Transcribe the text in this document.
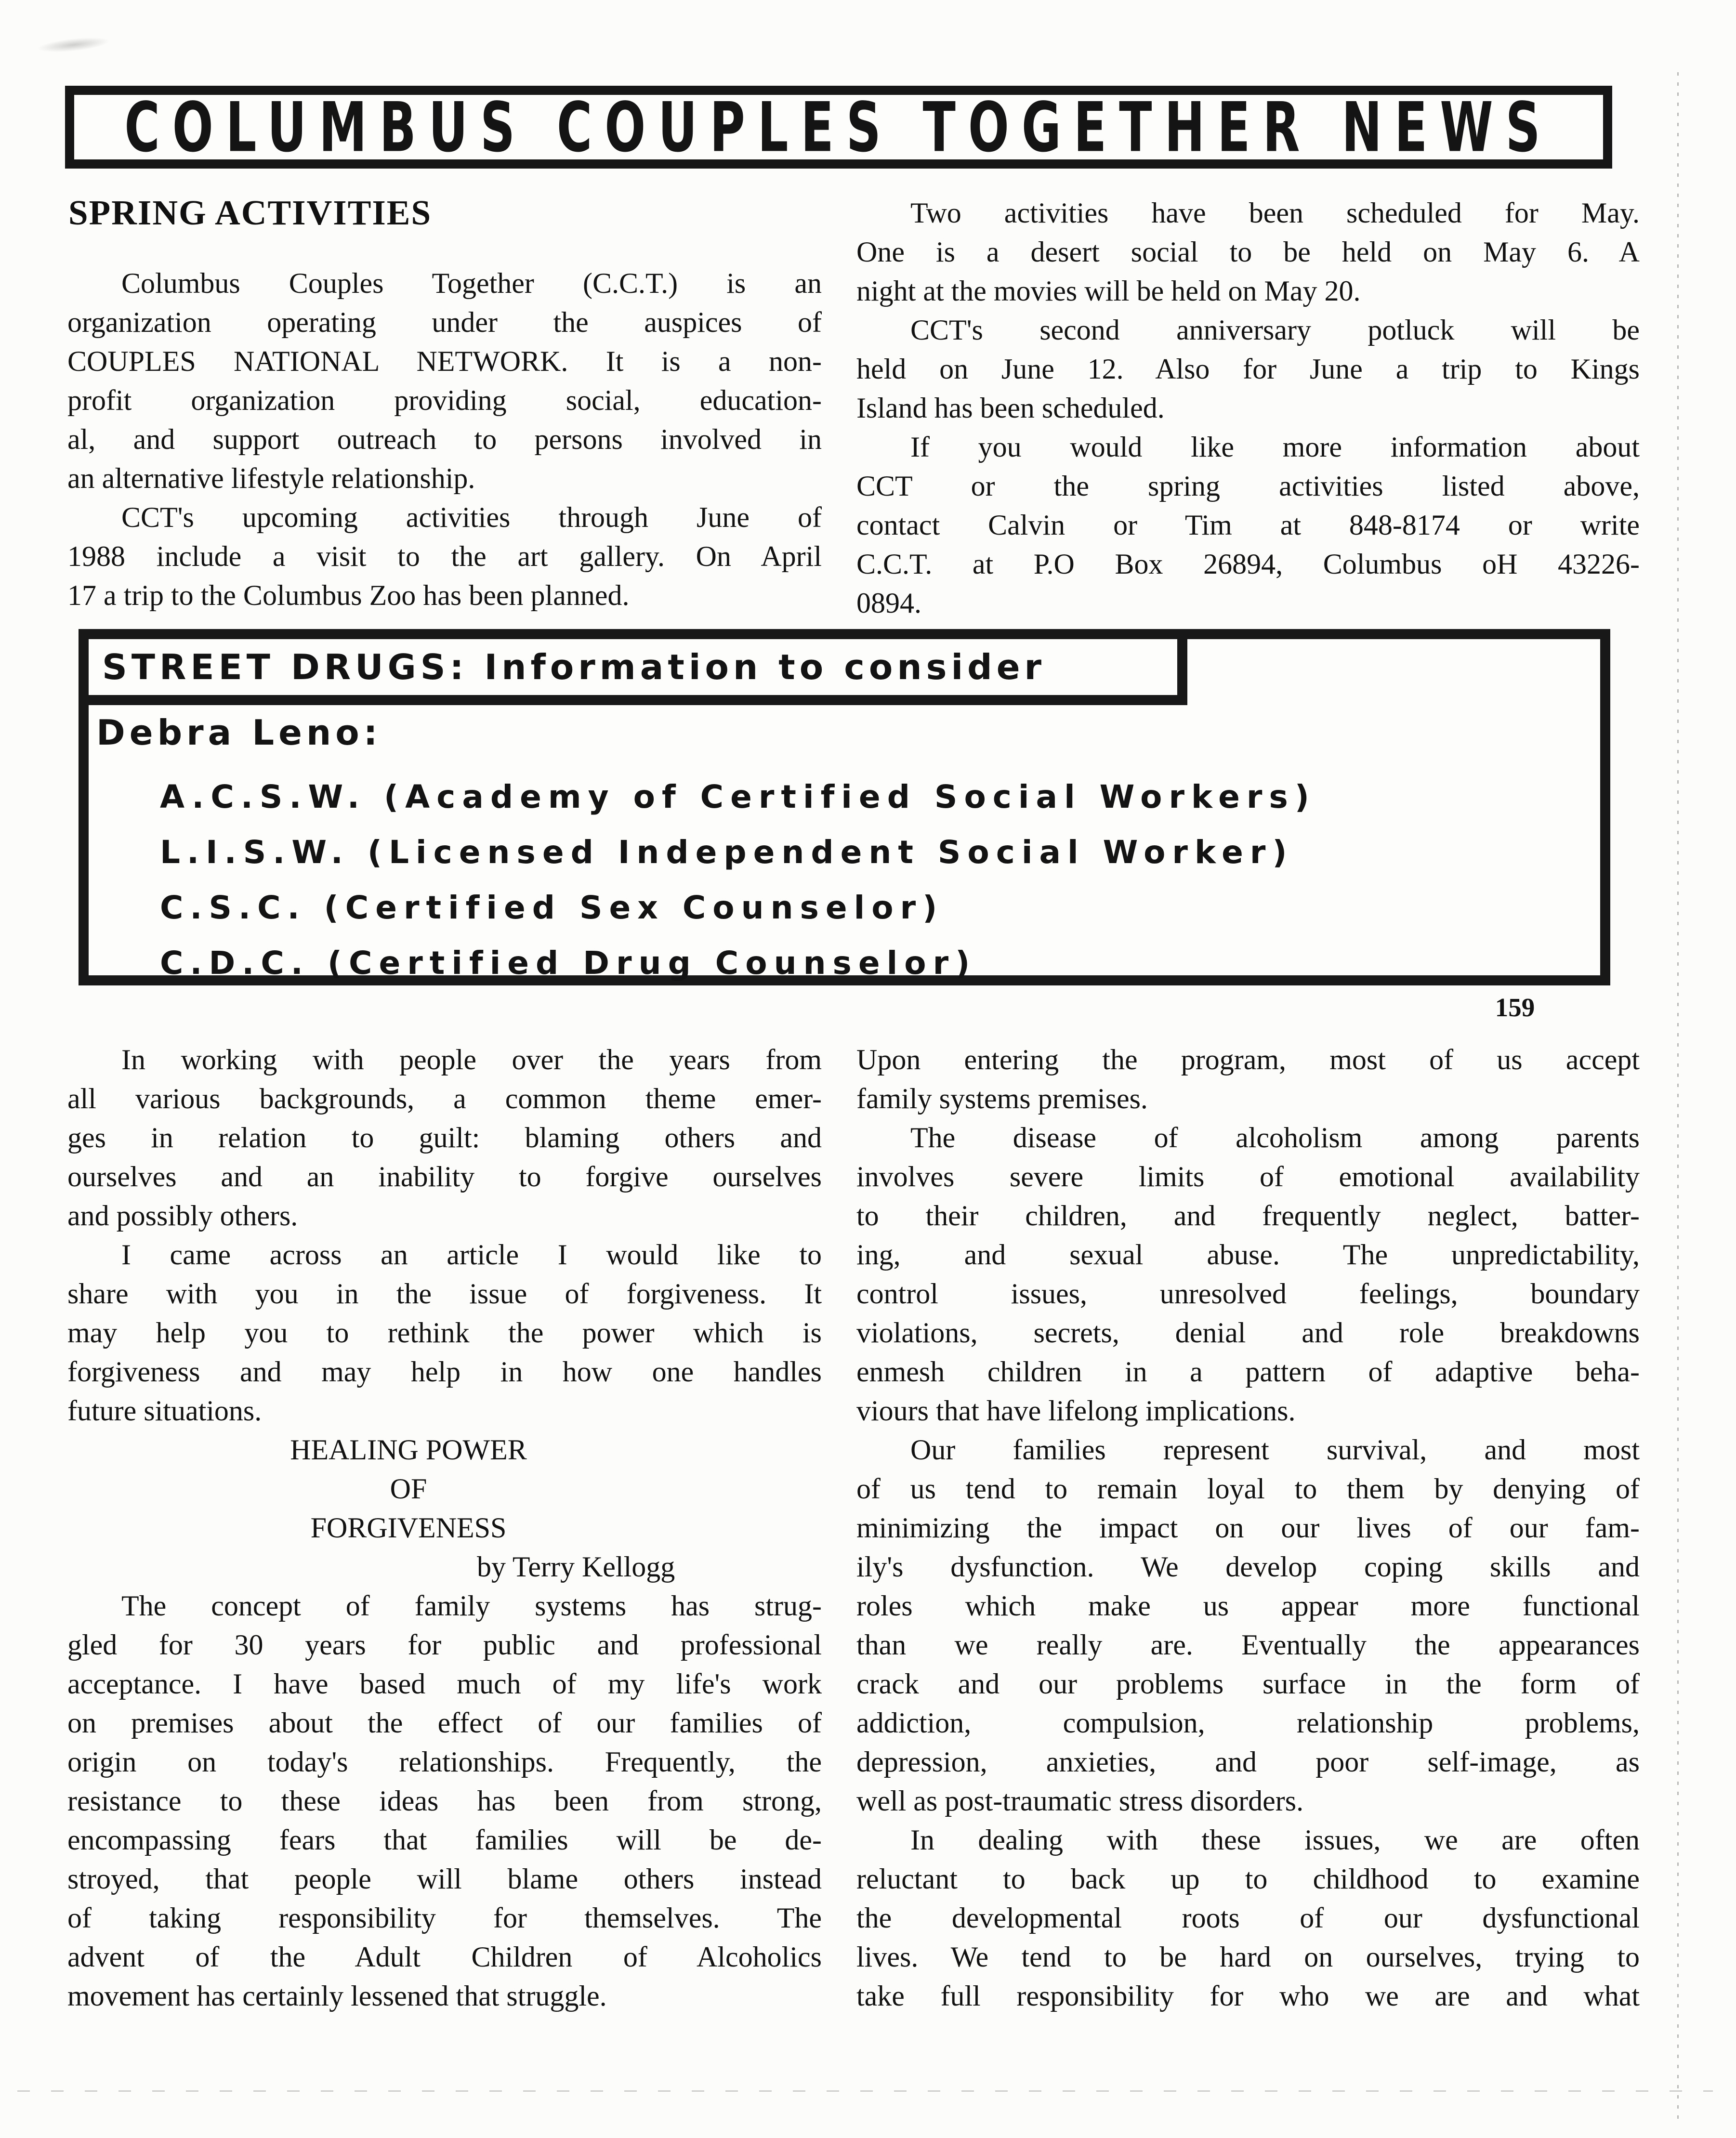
COLUMBUS COUPLES TOGETHER NEWS
SPRING ACTIVITIES
Columbus Couples Together (C.C.T.) is an
organization operating under the auspices of
COUPLES NATIONAL NETWORK. It is a non-
profit organization providing social, education-
al, and support outreach to persons involved in
an alternative lifestyle relationship.
CCT's upcoming activities through June of
1988 include a visit to the art gallery. On April
17 a trip to the Columbus Zoo has been planned.
Two activities have been scheduled for May.
One is a desert social to be held on May 6. A
night at the movies will be held on May 20.
CCT's second anniversary potluck will be
held on June 12. Also for June a trip to Kings
Island has been scheduled.
If you would like more information about
CCT or the spring activities listed above,
contact Calvin or Tim at 848-8174 or write
C.C.T. at P.O Box 26894, Columbus oH 43226-
0894.
STREET DRUGS: Information to consider
Debra Leno:
A.C.S.W. (Academy of Certified Social Workers)
L.I.S.W. (Licensed Independent Social Worker)
C.S.C. (Certified Sex Counselor)
C.D.C. (Certified Drug Counselor)
159
In working with people over the years from
all various backgrounds, a common theme emer-
ges in relation to guilt: blaming others and
ourselves and an inability to forgive ourselves
and possibly others.
I came across an article I would like to
share with you in the issue of forgiveness. It
may help you to rethink the power which is
forgiveness and may help in how one handles
future situations.
HEALING POWER
OF
FORGIVENESS
by Terry Kellogg
The concept of family systems has strug-
gled for 30 years for public and professional
acceptance. I have based much of my life's work
on premises about the effect of our families of
origin on today's relationships. Frequently, the
resistance to these ideas has been from strong,
encompassing fears that families will be de-
stroyed, that people will blame others instead
of taking responsibility for themselves. The
advent of the Adult Children of Alcoholics
movement has certainly lessened that struggle.
Upon entering the program, most of us accept
family systems premises.
The disease of alcoholism among parents
involves severe limits of emotional availability
to their children, and frequently neglect, batter-
ing, and sexual abuse. The unpredictability,
control issues, unresolved feelings, boundary
violations, secrets, denial and role breakdowns
enmesh children in a pattern of adaptive beha-
viours that have lifelong implications.
Our families represent survival, and most
of us tend to remain loyal to them by denying of
minimizing the impact on our lives of our fam-
ily's dysfunction. We develop coping skills and
roles which make us appear more functional
than we really are. Eventually the appearances
crack and our problems surface in the form of
addiction, compulsion, relationship problems,
depression, anxieties, and poor self-image, as
well as post-traumatic stress disorders.
In dealing with these issues, we are often
reluctant to back up to childhood to examine
the developmental roots of our dysfunctional
lives. We tend to be hard on ourselves, trying to
take full responsibility for who we are and what
